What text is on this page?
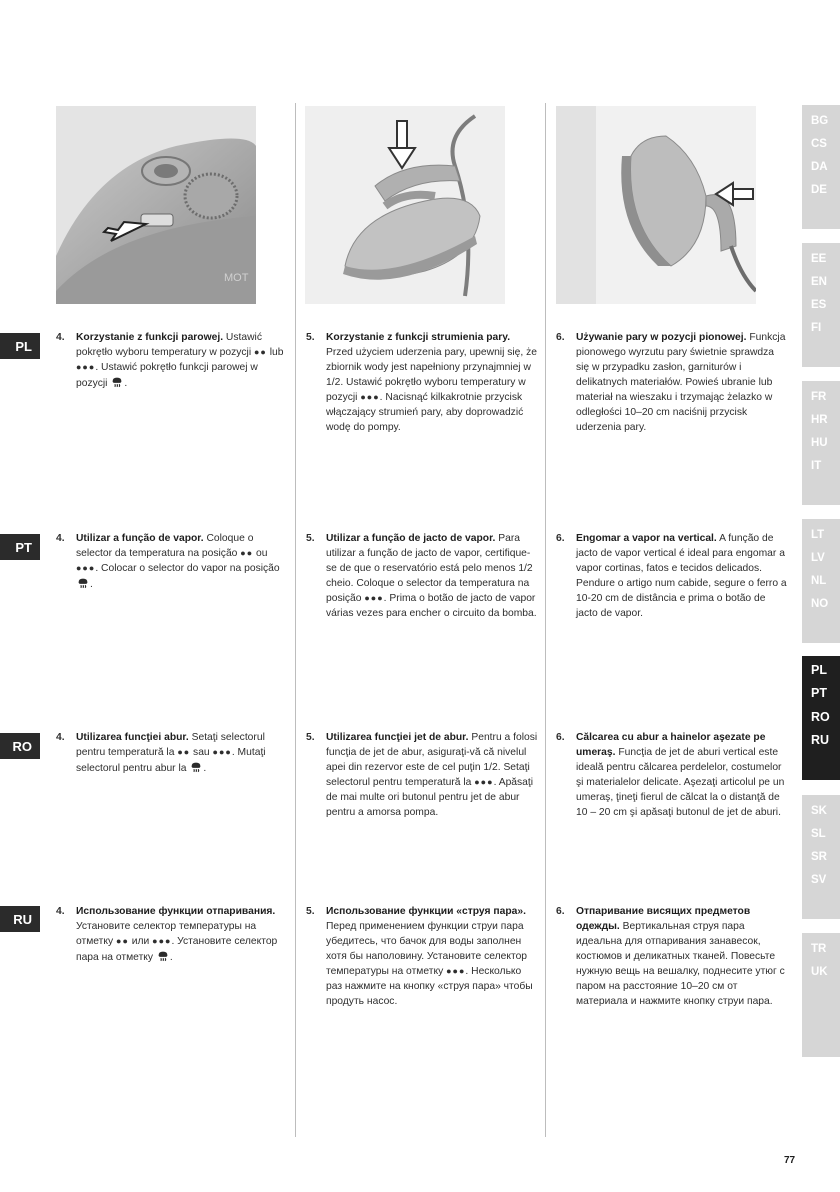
MOT
PL
4. Korzystanie z funkcji parowej. Ustawić pokrętło wyboru temperatury w pozycji ●● lub ●●●. Ustawić pokrętło funkcji parowej w pozycji .
5. Korzystanie z funkcji strumienia pary. Przed użyciem uderzenia pary, upewnij się, że zbiornik wody jest napełniony przynajmniej w 1/2. Ustawić pokrętło wyboru temperatury w pozycji ●●●. Nacisnąć kilkakrotnie przycisk włączający strumień pary, aby doprowadzić wodę do pompy.
6. Używanie pary w pozycji pionowej. Funkcja pionowego wyrzutu pary świetnie sprawdza się w przypadku zasłon, garniturów i delikatnych materiałów. Powieś ubranie lub materiał na wieszaku i trzymając żelazko w odległości 10–20 cm naciśnij przycisk uderzenia pary.
PT
4. Utilizar a função de vapor. Coloque o selector da temperatura na posição ●● ou ●●●. Colocar o selector do vapor na posição .
5. Utilizar a função de jacto de vapor. Para utilizar a função de jacto de vapor, certifique-se de que o reservatório está pelo menos 1/2 cheio. Coloque o selector da temperatura na posição ●●●. Prima o botão de jacto de vapor várias vezes para encher o circuito da bomba.
6. Engomar a vapor na vertical. A função de jacto de vapor vertical é ideal para engomar a vapor cortinas, fatos e tecidos delicados. Pendure o artigo num cabide, segure o ferro a 10-20 cm de distância e prima o botão de jacto de vapor.
RO
4. Utilizarea funcţiei abur. Setaţi selectorul pentru temperatură la ●● sau ●●●. Mutaţi selectorul pentru abur la .
5. Utilizarea funcţiei jet de abur. Pentru a folosi funcţia de jet de abur, asiguraţi-vă că nivelul apei din rezervor este de cel puţin 1/2. Setaţi selectorul pentru temperatură la ●●●. Apăsaţi de mai multe ori butonul pentru jet de abur pentru a amorsa pompa.
6. Călcarea cu abur a hainelor aşezate pe umeraş. Funcţia de jet de aburi vertical este ideală pentru călcarea perdelelor, costumelor şi materialelor delicate. Aşezaţi articolul pe un umeraş, ţineţi fierul de călcat la o distanţă de 10 – 20 cm şi apăsaţi butonul de jet de aburi.
RU	4. Использование функции отпаривания. Установите селектор температуры на отметку ●● или ●●●. Установите селектор пара на отметку .
5. Использование функции «струя пара». Перед применением функции струи пара убедитесь, что бачок для воды заполнен хотя бы наполовину. Установите селектор температуры на отметку ●●●. Несколько раз нажмите на кнопку «струя пара» чтобы продуть насос.
6. Отпаривание висящих предметов одежды. Вертикальная струя пара идеальна для отпаривания занавесок, костюмов и деликатных тканей. Повесьте нужную вещь на вешалку, поднесите утюг с паром на расстояние 10–20 см от материала и нажмите кнопку струи пара.
BG
CS
DA
DE
EE
EN
ES
FI
FR
HR
HU
IT
LT
LV
NL
NO
PL
PT
RO
RU
SK
SL
SR
SV
TR
UK
77
